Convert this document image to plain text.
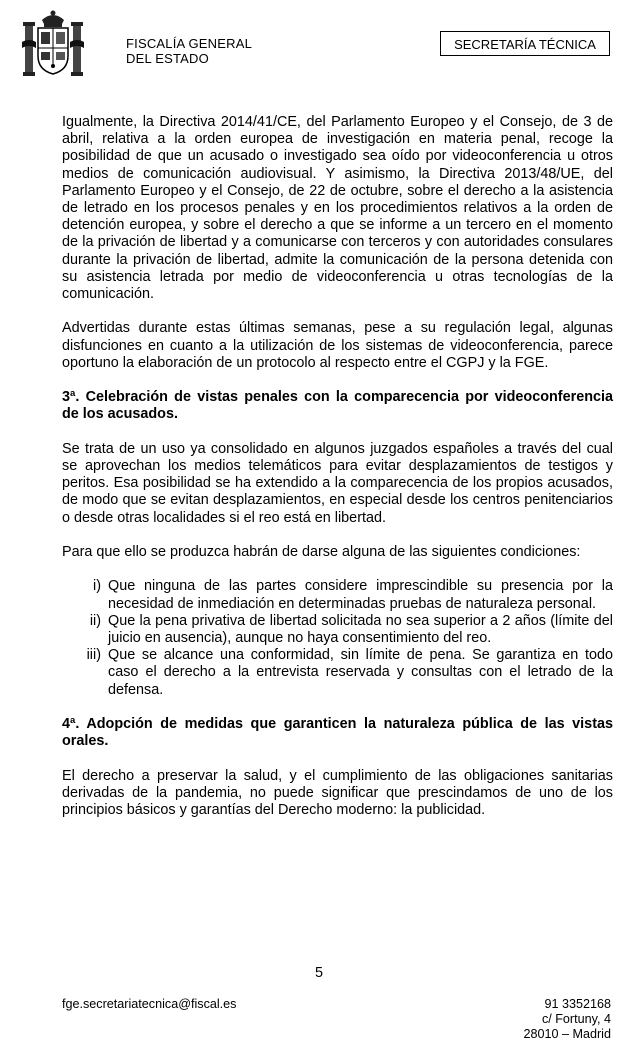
FISCALÍA GENERAL
DEL ESTADO
SECRETARÍA TÉCNICA

Igualmente, la Directiva 2014/41/CE, del Parlamento Europeo y el Consejo, de 3 de abril, relativa a la orden europea de investigación en materia penal, recoge la posibilidad de que un acusado o investigado sea oído por videoconferencia u otros medios de comunicación audiovisual. Y asimismo, la Directiva 2013/48/UE, del Parlamento Europeo y el Consejo, de 22 de octubre, sobre el derecho a la asistencia de letrado en los procesos penales y en los procedimientos relativos a la orden de detención europea, y sobre el derecho a que se informe a un tercero en el momento de la privación de libertad y a comunicarse con terceros y con autoridades consulares durante la privación de libertad, admite la comunicación de la persona detenida con su asistencia letrada por medio de videoconferencia u otras tecnologías de la comunicación.

Advertidas durante estas últimas semanas, pese a su regulación legal, algunas disfunciones en cuanto a la utilización de los sistemas de videoconferencia, parece oportuno la elaboración de un protocolo al respecto entre el CGPJ y la FGE.

3ª. Celebración de vistas penales con la comparecencia por videoconferencia de los acusados.

Se trata de un uso ya consolidado en algunos juzgados españoles a través del cual se aprovechan los medios telemáticos para evitar desplazamientos de testigos y peritos. Esa posibilidad se ha extendido a la comparecencia de los propios acusados, de modo que se evitan desplazamientos, en especial desde los centros penitenciarios o desde otras localidades si el reo está en libertad.

Para que ello se produzca habrán de darse alguna de las siguientes condiciones:

i) Que ninguna de las partes considere imprescindible su presencia por la necesidad de inmediación en determinadas pruebas de naturaleza personal.
ii) Que la pena privativa de libertad solicitada no sea superior a 2 años (límite del juicio en ausencia), aunque no haya consentimiento del reo.
iii) Que se alcance una conformidad, sin límite de pena. Se garantiza en todo caso el derecho a la entrevista reservada y consultas con el letrado de la defensa.

4ª. Adopción de medidas que garanticen la naturaleza pública de las vistas orales.

El derecho a preservar la salud, y el cumplimiento de las obligaciones sanitarias derivadas de la pandemia, no puede significar que prescindamos de uno de los principios básicos y garantías del Derecho moderno: la publicidad.

5
fge.secretariatecnica@fiscal.es	91 3352168
c/ Fortuny, 4
28010 – Madrid
